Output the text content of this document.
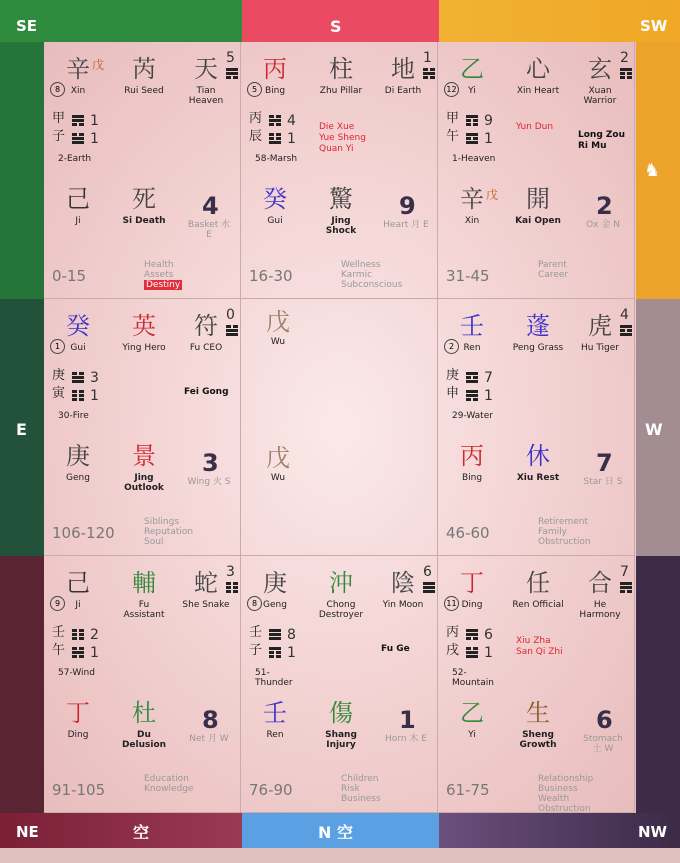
SE	SW
NE	NW
S
E	W
N 空
空
♞
辛 戊
Xin
芮
Rui Seed
天
Tian Heaven
8
5
甲 1
子 1
2-Earth
己
Ji
死
Si Death
4
Basket 水 E
0-15
Health
Assets
Destiny
丙
Bing
柱
Zhu Pillar
地
Di Earth
5
1
丙 4
辰 1
58-Marsh
Die Xue
Yue Sheng
Quan Yi
癸
Gui
驚
Jing Shock
9
Heart 月 E
16-30
Wellness
Karmic
Subconscious
乙
Yi
心
Xin Heart
玄
Xuan Warrior
12
2
甲 9
午 1
1-Heaven
Yun Dun
Long Zou
Ri Mu
辛 戊
Xin
開
Kai Open
2
Ox 金 N
31-45
Parent
Career
癸
Gui
英
Ying Hero
符
Fu CEO
1
0
庚 3
寅 1
30-Fire
Fei Gong
庚
Geng
景
Jing Outlook
3
Wing 火 S
106-120
Siblings
Reputation
Soul
戊
Wu
戊
Wu
壬
Ren
蓬
Peng Grass
虎
Hu Tiger
2
4
庚 7
申 1
29-Water
丙
Bing
休
Xiu Rest
7
Star 日 S
46-60
Retirement
Family
Obstruction
己
Ji
輔
Fu Assistant
蛇
She Snake
9
3
壬 2
午 1
57-Wind
丁
Ding
杜
Du Delusion
8
Net 月 W
91-105
Education
Knowledge
庚
Geng
沖
Chong Destroyer
陰
Yin Moon
8
6
壬 8
子 1
51-Thunder
Fu Ge
壬
Ren
傷
Shang Injury
1
Horn 木 E
76-90
Children
Risk
Business
丁
Ding
任
Ren Official
合
He Harmony
11
7
丙 6
戌 1
52-Mountain
Xiu Zha
San Qi Zhi
乙
Yi
生
Sheng Growth
6
Stomach 土 W
61-75
Relationship
Business
Wealth
Obstruction
